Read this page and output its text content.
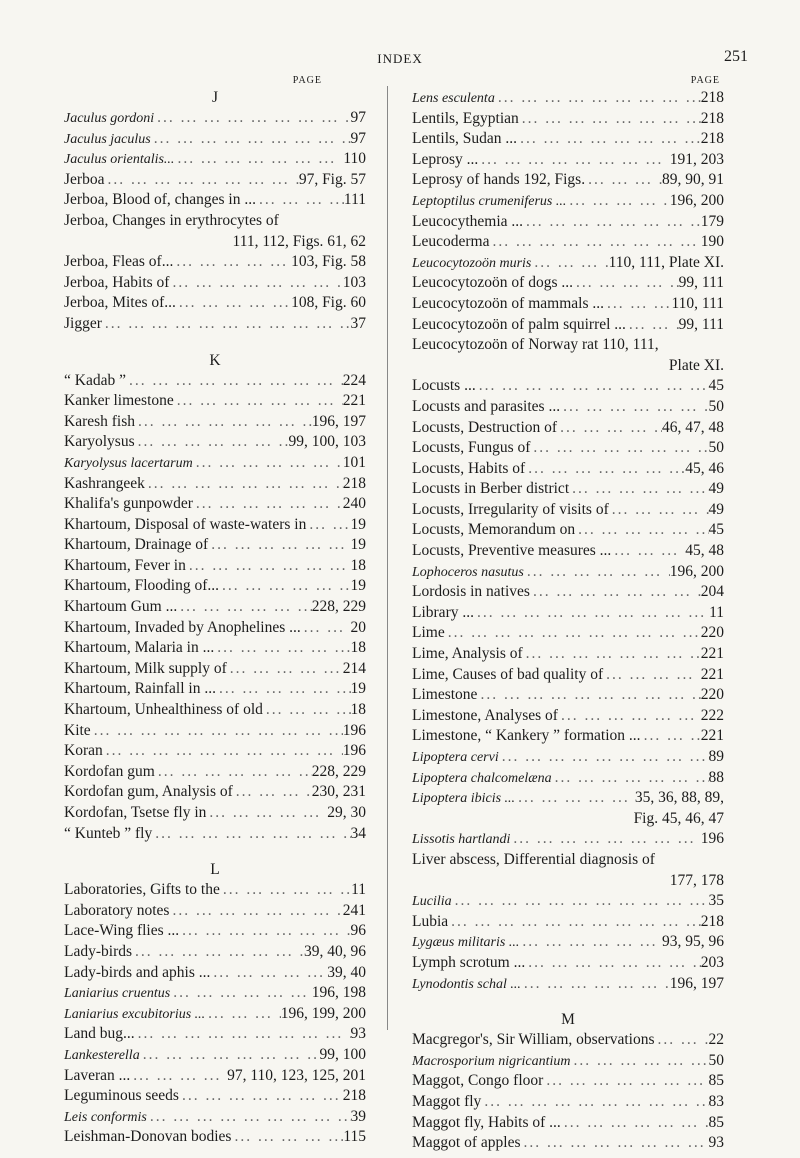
INDEX	251
PAGE
J
Jaculus gordoni ... .	97
Jaculus jaculus ... .	97
Jaculus orientalis... ... .	110
Jerboa ... .	97, Fig. 57
Jerboa, Blood of, changes in ... ... .	111
Jerboa, Changes in erythrocytes of
111, 112, Figs. 61, 62
Jerboa, Fleas of... ... .	103, Fig. 58
Jerboa, Habits of ... .	103
Jerboa, Mites of... ... .	108, Fig. 60
Jigger ... .	37
K
“ Kadab ” ... .	224
Kanker limestone ... .	221
Karesh fish ... .	196, 197
Karyolysus ... .	99, 100, 103
Karyolysus lacertarum ... .	101
Kashrangeek ... .	218
Khalifa's gunpowder ... .	240
Khartoum, Disposal of waste-waters in ... .	19
Khartoum, Drainage of ... .	19
Khartoum, Fever in ... .	18
Khartoum, Flooding of... ... .	19
Khartoum Gum ... ... .	228, 229
Khartoum, Invaded by Anophelines ... ... .	20
Khartoum, Malaria in ... ... .	18
Khartoum, Milk supply of ... .	214
Khartoum, Rainfall in ... ... .	19
Khartoum, Unhealthiness of old ... .	18
Kite ... .	196
Koran ... .	196
Kordofan gum ... .	228, 229
Kordofan gum, Analysis of ... .	230, 231
Kordofan, Tsetse fly in ... .	29, 30
“ Kunteb ” fly ... .	34
L
Laboratories, Gifts to the ... .	11
Laboratory notes ... .	241
Lace-Wing flies ... ... .	96
Lady-birds ... .	39, 40, 96
Lady-birds and aphis ... ... .	39, 40
Laniarius cruentus ... .	196, 198
Laniarius excubitorius ... ... .	196, 199, 200
Land bug... ... .	93
Lankesterella ... .	99, 100
Laveran ... ... .	97, 110, 123, 125, 201
Leguminous seeds ... .	218
Leis conformis ... .	39
Leishman-Donovan bodies ... .	115
PAGE
Lens esculenta ... .	218
Lentils, Egyptian ... .	218
Lentils, Sudan ... ... .	218
Leprosy ... ... .	191, 203
Leprosy of hands 192, Figs. ... .	89, 90, 91
Leptoptilus crumeniferus ... ... .	196, 200
Leucocythemia ... ... .	179
Leucoderma ... .	190
Leucocytozoön muris ... .	110, 111, Plate XI.
Leucocytozoön of dogs ... ... .	99, 111
Leucocytozoön of mammals ... ... .	110, 111
Leucocytozoön of palm squirrel ... ... .	99, 111
Leucocytozoön of Norway rat 110, 111,
Plate XI.
Locusts ... ... .	45
Locusts and parasites ... ... .	50
Locusts, Destruction of ... .	46, 47, 48
Locusts, Fungus of ... .	50
Locusts, Habits of ... .	45, 46
Locusts in Berber district ... .	49
Locusts, Irregularity of visits of ... .	49
Locusts, Memorandum on ... .	45
Locusts, Preventive measures ... ... .	45, 48
Lophoceros nasutus ... .	196, 200
Lordosis in natives ... .	204
Library ... ... .	11
Lime ... .	220
Lime, Analysis of ... .	221
Lime, Causes of bad quality of ... .	221
Limestone ... .	220
Limestone, Analyses of ... .	222
Limestone, “ Kankery ” formation ... ... .	221
Lipoptera cervi ... .	89
Lipoptera chalcomelæna ... .	88
Lipoptera ibicis ... ... .	35, 36, 88, 89,
Fig. 45, 46, 47
Lissotis hartlandi ... .	196
Liver abscess, Differential diagnosis of
177, 178
Lucilia ... .	35
Lubia ... .	218
Lygæus militaris ... ... .	93, 95, 96
Lymph scrotum ... ... .	203
Lynodontis schal ... ... .	196, 197
M
Macgregor's, Sir William, observations ... .	22
Macrosporium nigricantium ... .	50
Maggot, Congo floor ... .	85
Maggot fly ... .	83
Maggot fly, Habits of ... ... .	85
Maggot of apples ... .	93
